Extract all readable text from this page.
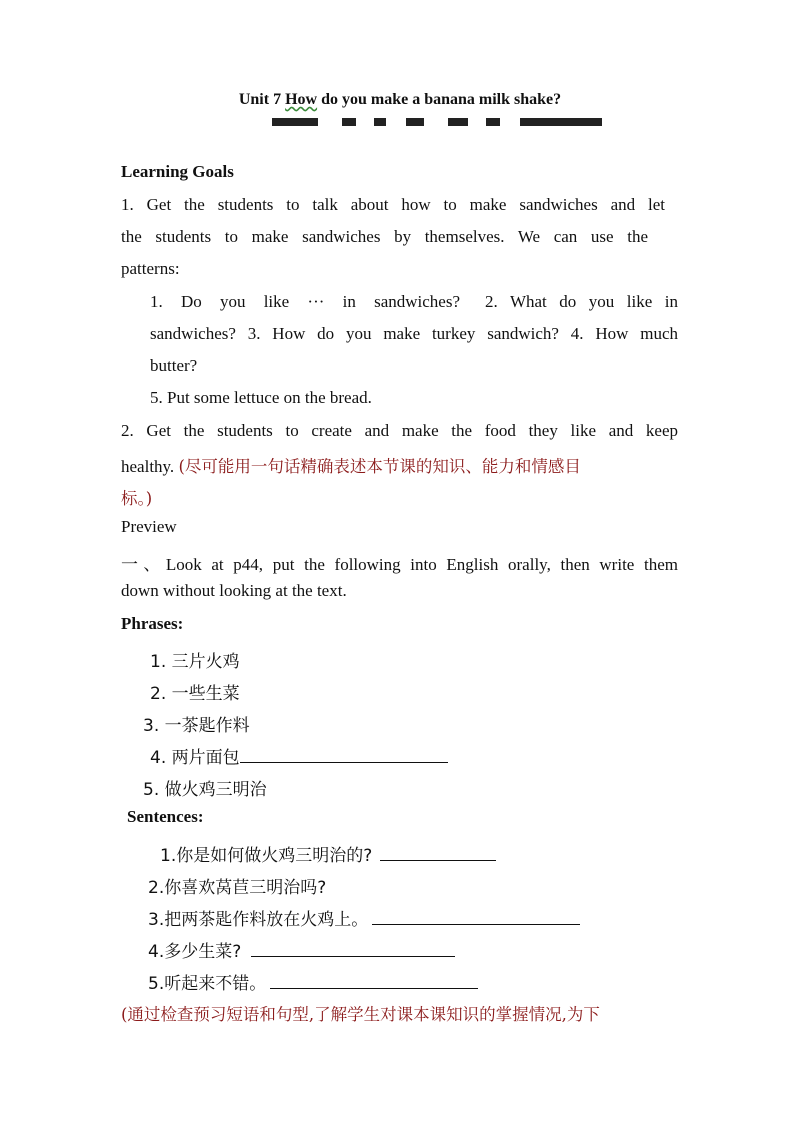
Unit 7 How do you make a banana milk shake?
Learning Goals
1. Get the students to talk about how to make sandwiches and let
the students to make sandwiches by themselves. We can use the
patterns:
1. Do you like ··· in sandwiches? 2. What do you like in
sandwiches? 3. How do you make turkey sandwich? 4. How much
butter?
5. Put some lettuce on the bread.
2. Get the students to create and make the food they like and keep
healthy. (尽可能用一句话精确表述本节课的知识、能力和情感目
标。)
Preview
一、Look at p44, put the following into English orally, then write them
down without looking at the text.
Phrases:
1. 三片火鸡
2. 一些生菜
3. 一茶匙作料
4. 两片面包
5. 做火鸡三明治
Sentences:
1.你是如何做火鸡三明治的?
2.你喜欢莴苣三明治吗?
3.把两茶匙作料放在火鸡上。
4.多少生菜?
5.听起来不错。
(通过检查预习短语和句型,了解学生对课本课知识的掌握情况,为下
